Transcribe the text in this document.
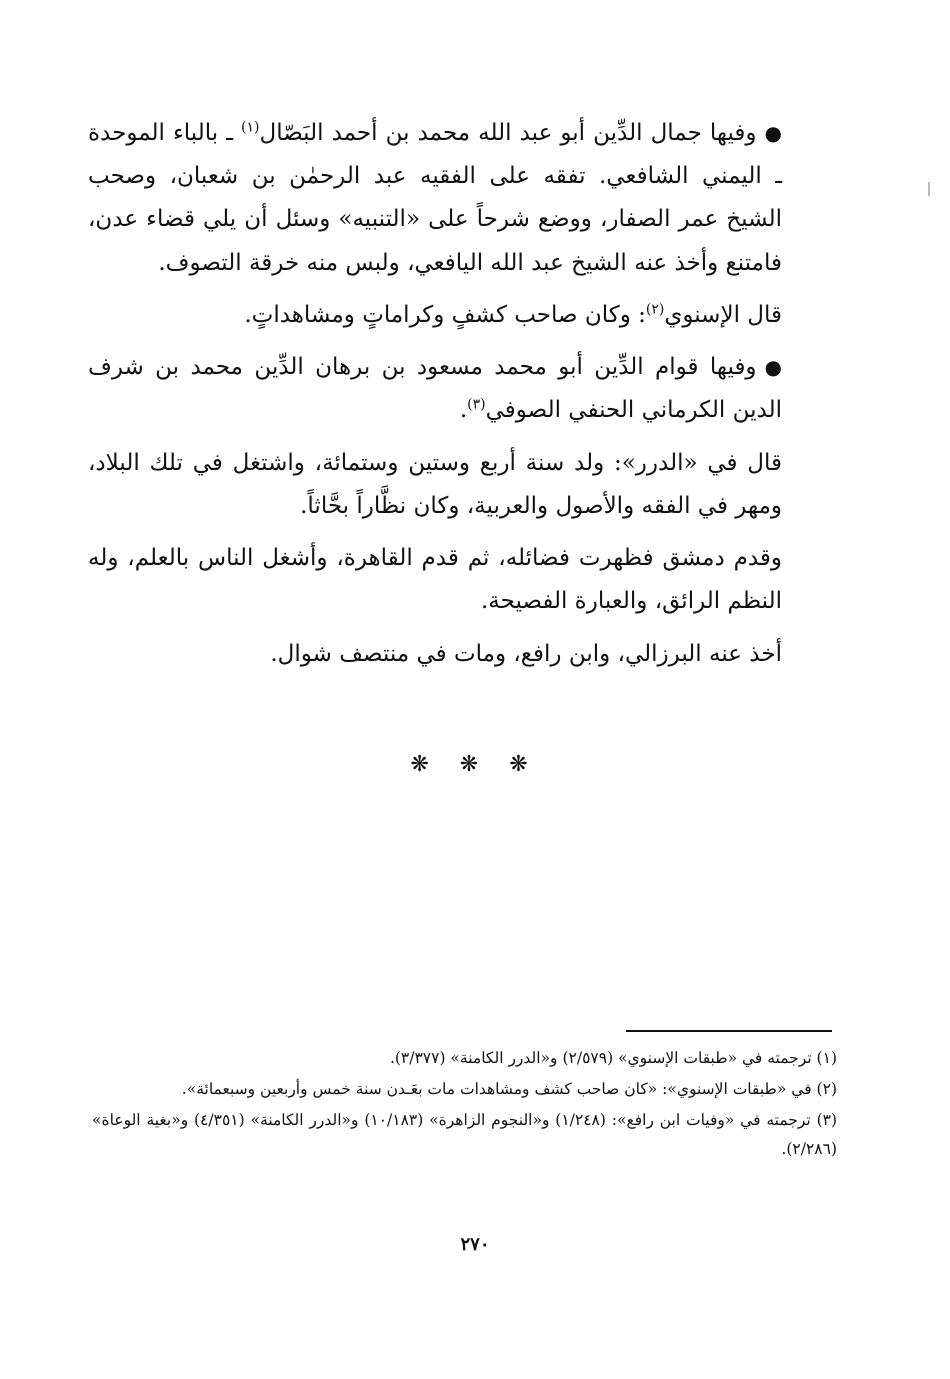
●وفيها جمال الدِّين أبو عبد الله محمد بن أحمد البَصّال$^{(١)}$ ـ بالباء الموحدة ـ اليمني الشافعي. تفقه على الفقيه عبد الرحمٰن بن شعبان، وصحب الشيخ عمر الصفار، ووضع شرحاً على «التنبيه» وسئل أن يلي قضاء عدن، فامتنع وأخذ عنه الشيخ عبد الله اليافعي، ولبس منه خرقة التصوف.

قال الإسنوي$^{(٢)}$: وكان صاحب كشفٍ وكراماتٍ ومشاهداتٍ.

●وفيها قوام الدِّين أبو محمد مسعود بن برهان الدِّين محمد بن شرف الدين الكرماني الحنفي الصوفي$^{(٣)}$.

قال في «الدرر»: ولد سنة أربع وستين وستمائة، واشتغل في تلك البلاد، ومهر في الفقه والأصول والعربية، وكان نظَّاراً بحَّاثاً.

وقدم دمشق فظهرت فضائله، ثم قدم القاهرة، وأشغل الناس بالعلم، وله النظم الرائق، والعبارة الفصيحة.

أخذ عنه البرزالي، وابن رافع، ومات في منتصف شوال.

❋ ❋ ❋

(١) ترجمته في «طبقات الإسنوي» (٢/٥٧٩) و«الدرر الكامنة» (٣/٣٧٧).

(٢) في «طبقات الإسنوي»: «كان صاحب كشف ومشاهدات مات بعَـدن سنة خمس وأربعين وسبعمائة».

(٣) ترجمته في «وفيات ابن رافع»: (١/٢٤٨) و«النجوم الزاهرة» (١٠/١٨٣) و«الدرر الكامنة» (٤/٣٥١) و«بغية الوعاة» (٢/٢٨٦).

٢٧٠
